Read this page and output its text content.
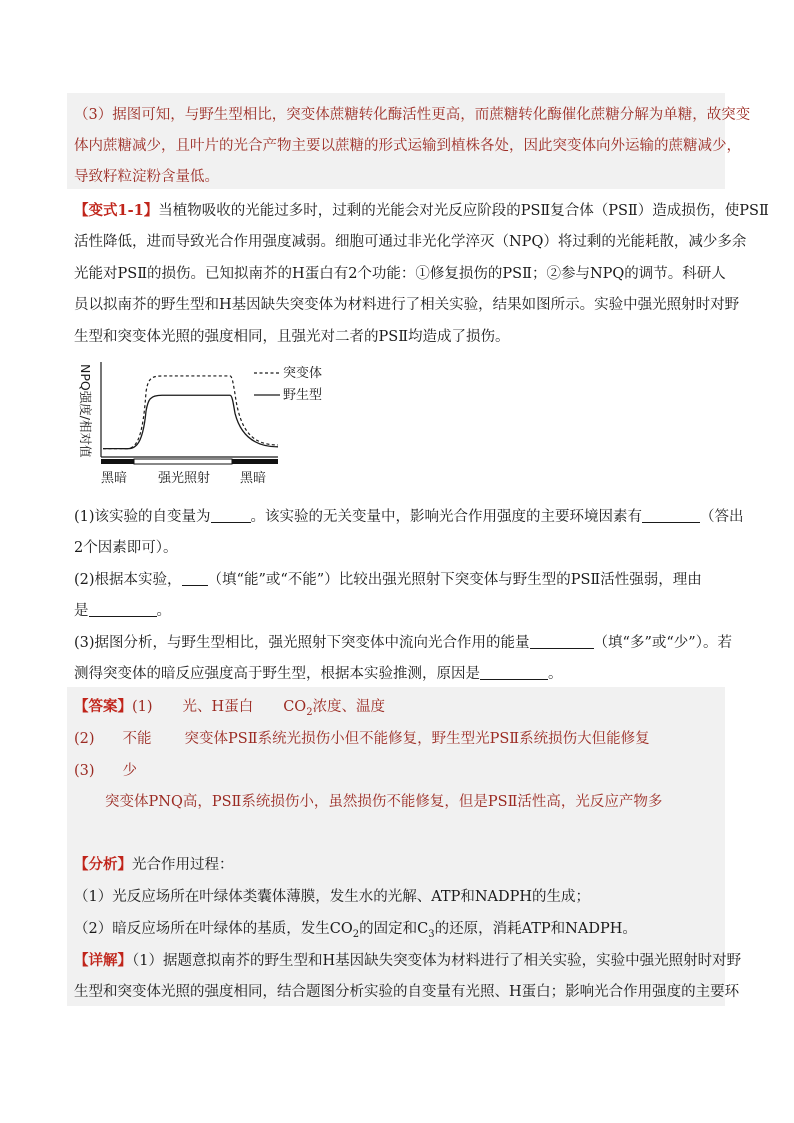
（3）据图可知，与野生型相比，突变体蔗糖转化酶活性更高，而蔗糖转化酶催化蔗糖分解为单糖，故突变
体内蔗糖减少，且叶片的光合产物主要以蔗糖的形式运输到植株各处，因此突变体向外运输的蔗糖减少，
导致籽粒淀粉含量低。
【变式1-1】当植物吸收的光能过多时，过剩的光能会对光反应阶段的PSⅡ复合体（PSⅡ）造成损伤，使PSⅡ
活性降低，进而导致光合作用强度减弱。细胞可通过非光化学淬灭（NPQ）将过剩的光能耗散，减少多余
光能对PSⅡ的损伤。已知拟南芥的H蛋白有2个功能：①修复损伤的PSⅡ；②参与NPQ的调节。科研人
员以拟南芥的野生型和H基因缺失突变体为材料进行了相关实验，结果如图所示。实验中强光照射时对野
生型和突变体光照的强度相同，且强光对二者的PSⅡ均造成了损伤。
NPQ强度/相对值	突变体
野生型
黑暗 强光照射 黑暗
(1)该实验的自变量为	。该实验的无关变量中，影响光合作用强度的主要环境因素有	（答出
2个因素即可）。
(2)根据本实验， （填“能”或“不能”）比较出强光照射下突变体与野生型的PSⅡ活性强弱，理由
是	。
(3)据图分析，与野生型相比，强光照射下突变体中流向光合作用的能量	（填“多”或“少”）。若
测得突变体的暗反应强度高于野生型，根据本实验推测，原因是	。
【答案】(1) 光、H蛋白 $CO_2$浓度、温度
(2) 不能 突变体PSⅡ系统光损伤小但不能修复，野生型光PSⅡ系统损伤大但能修复
(3) 少
突变体PNQ高，PSⅡ系统损伤小，虽然损伤不能修复，但是PSⅡ活性高，光反应产物多
【分析】光合作用过程：
（1）光反应场所在叶绿体类囊体薄膜，发生水的光解、ATP和NADPH的生成；
（2）暗反应场所在叶绿体的基质，发生$CO_2$的固定和$C_3$的还原，消耗ATP和NADPH。
【详解】（1）据题意拟南芥的野生型和H基因缺失突变体为材料进行了相关实验，实验中强光照射时对野
生型和突变体光照的强度相同，结合题图分析实验的自变量有光照、H蛋白；影响光合作用强度的主要环
